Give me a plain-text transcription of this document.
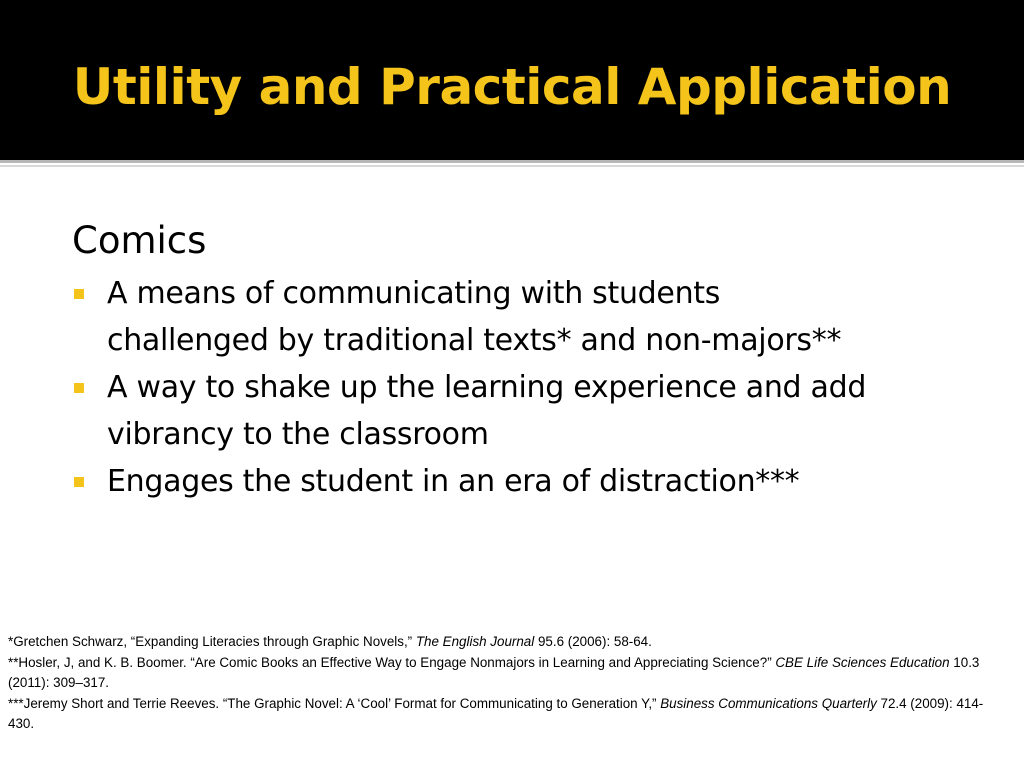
Utility and Practical Application
Comics
A means of communicating with students
challenged by traditional texts* and non-majors**
A way to shake up the learning experience and add
vibrancy to the classroom
Engages the student in an era of distraction***

*Gretchen Schwarz, “Expanding Literacies through Graphic Novels,” The English Journal 95.6 (2006): 58-64.

**Hosler, J, and K. B. Boomer. “Are Comic Books an Effective Way to Engage Nonmajors in Learning and Appreciating Science?” CBE Life Sciences Education 10.3 (2011): 309–317.

***Jeremy Short and Terrie Reeves. “The Graphic Novel: A ‘Cool’ Format for Communicating to Generation Y,” Business Communications Quarterly 72.4 (2009): 414-430.
